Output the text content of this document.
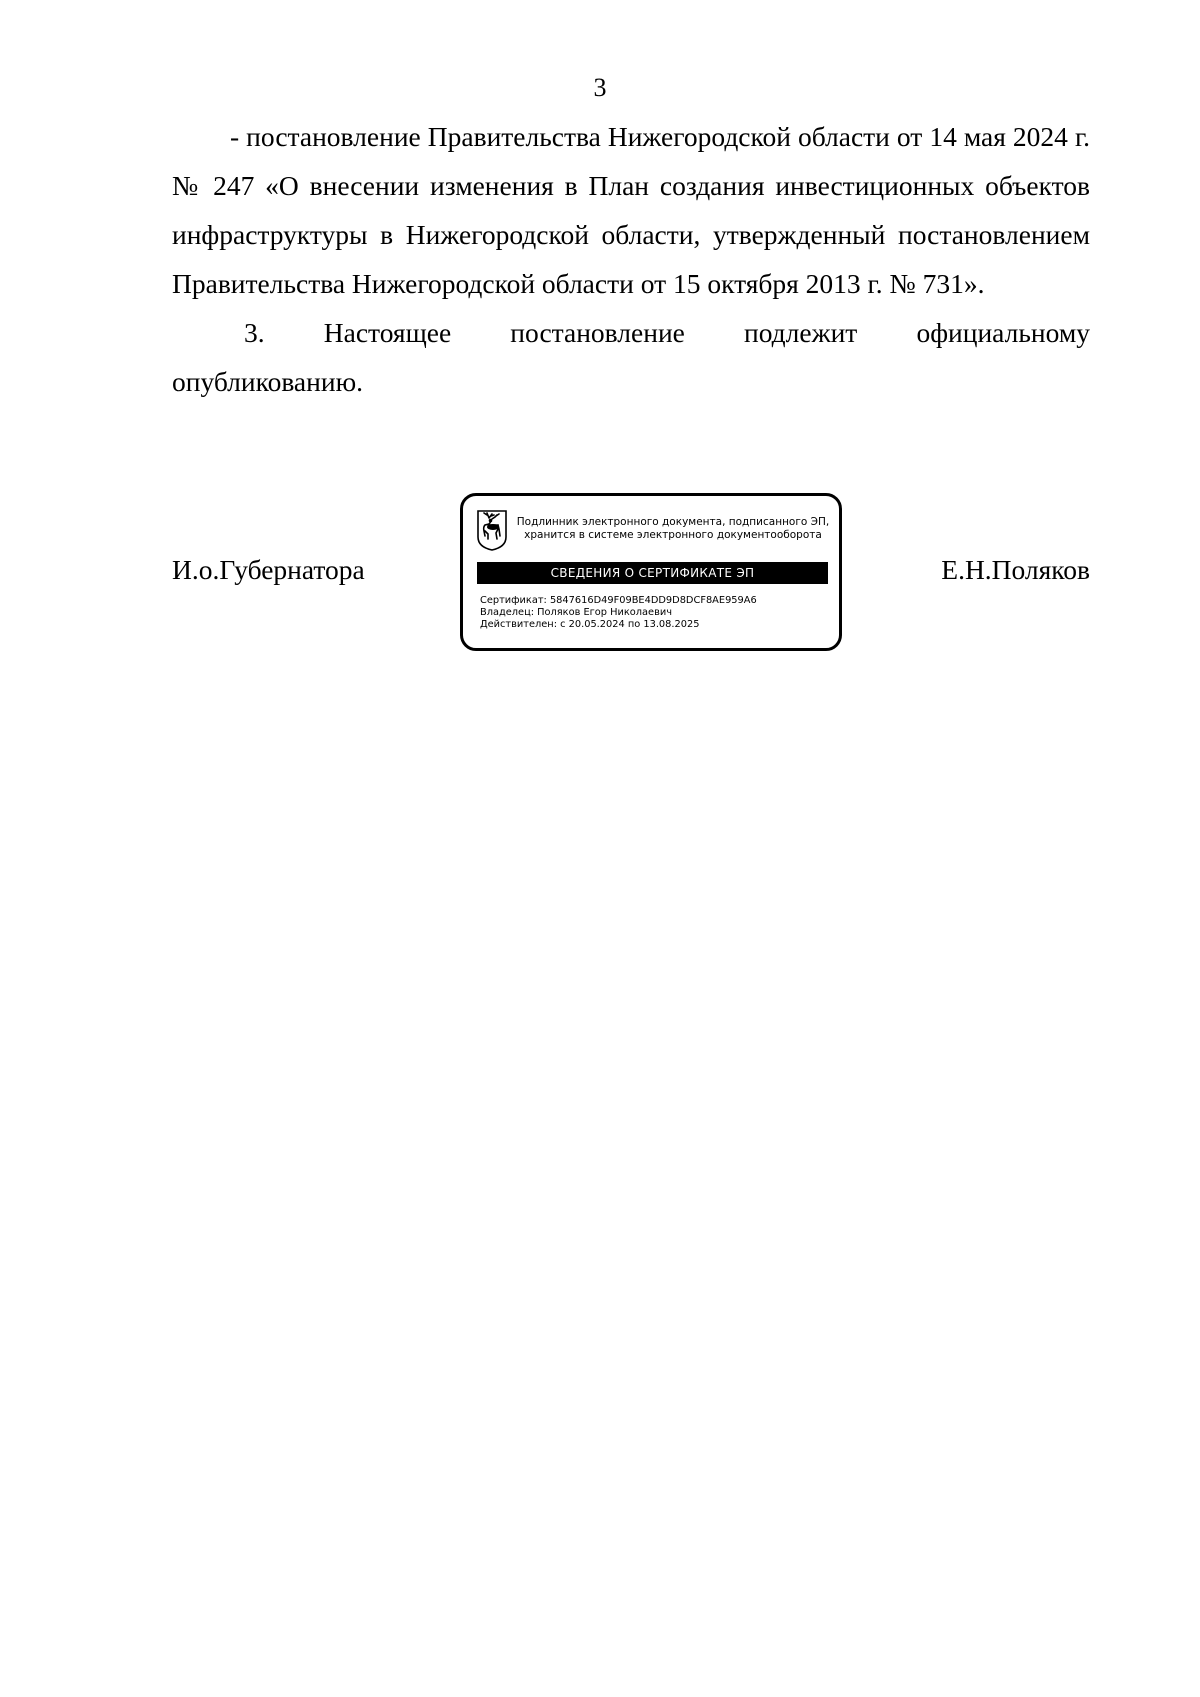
3

- постановление Правительства Нижегородской области от 14 мая 2024 г. № 247 «О внесении изменения в План создания инвестиционных объектов инфраструктуры в Нижегородской области, утвержденный постановлением Правительства Нижегородской области от 15 октября 2013 г. № 731».

3. Настоящее постановление подлежит официальному

опубликованию.

И.о.Губернатора	Е.Н.Поляков
Подлинник электронного документа, подписанного ЭП,
хранится в системе электронного документооборота
СВЕДЕНИЯ О СЕРТИФИКАТЕ ЭП
Сертификат: 5847616D49F09BE4DD9D8DCF8AE959A6
Владелец: Поляков Егор Николаевич
Действителен: с 20.05.2024 по 13.08.2025
